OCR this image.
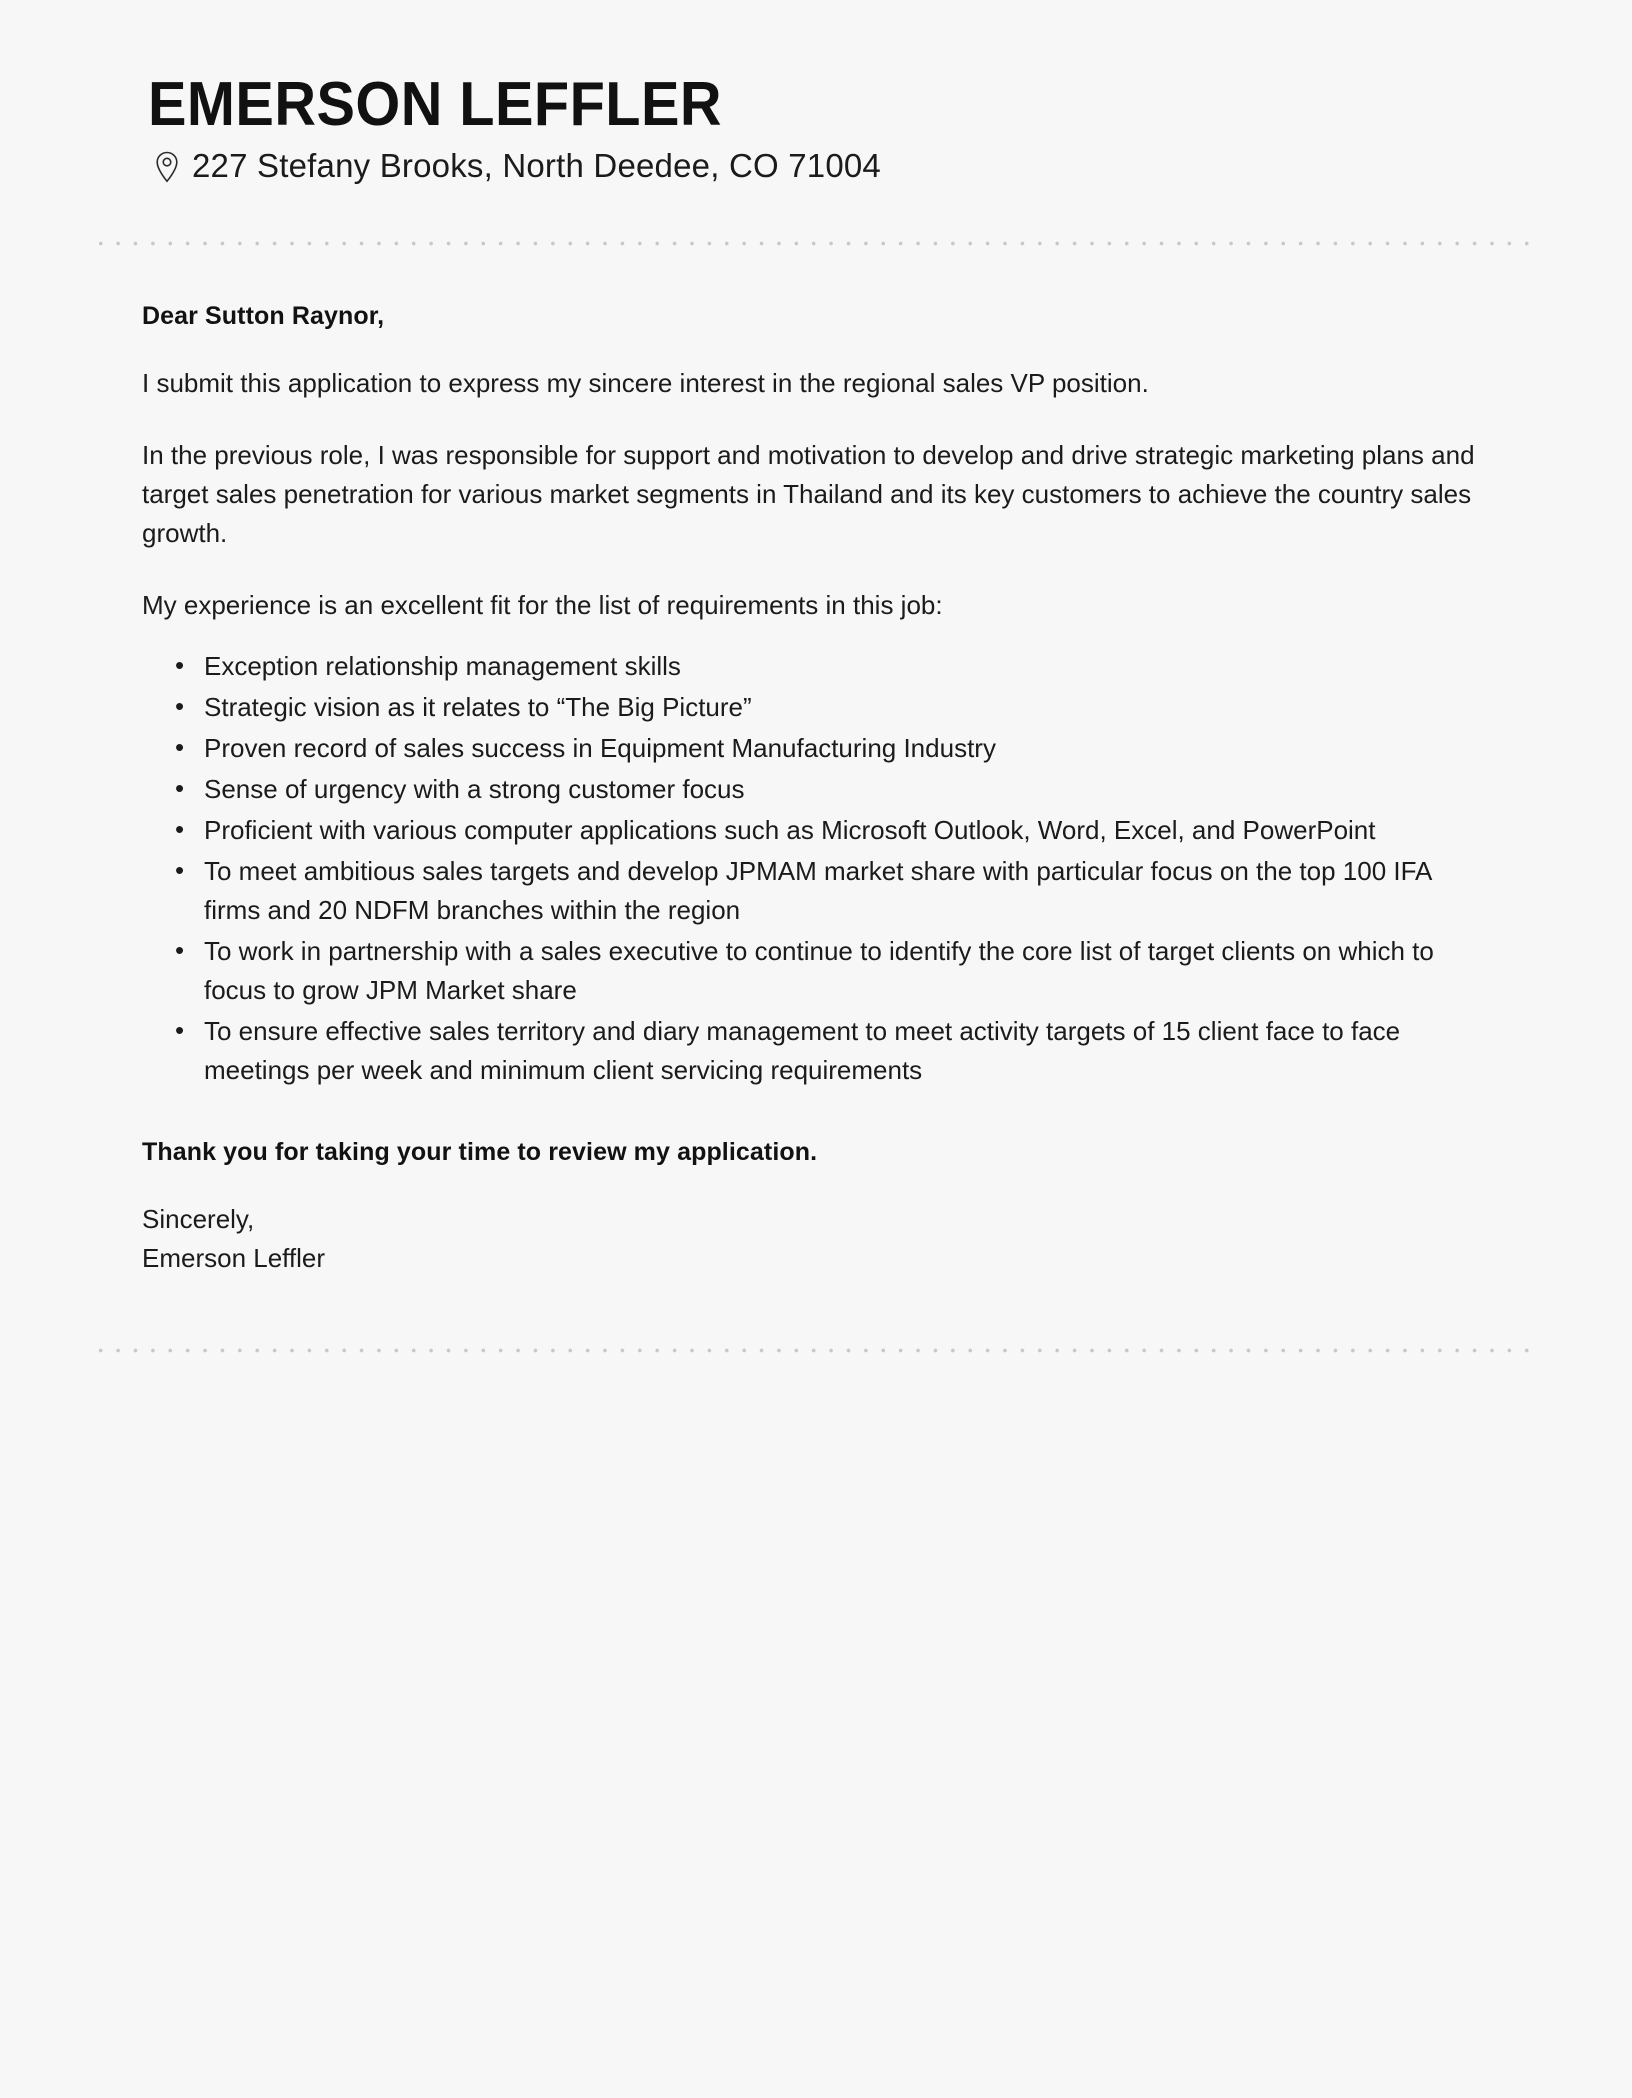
EMERSON LEFFLER
227 Stefany Brooks, North Deedee, CO 71004

Dear Sutton Raynor,

I submit this application to express my sincere interest in the regional sales VP position.

In the previous role, I was responsible for support and motivation to develop and drive strategic marketing plans and target sales penetration for various market segments in Thailand and its key customers to achieve the country sales growth.

My experience is an excellent fit for the list of requirements in this job:

• Exception relationship management skills
• Strategic vision as it relates to “The Big Picture”
• Proven record of sales success in Equipment Manufacturing Industry
• Sense of urgency with a strong customer focus
• Proficient with various computer applications such as Microsoft Outlook, Word, Excel, and PowerPoint
• To meet ambitious sales targets and develop JPMAM market share with particular focus on the top 100 IFA firms and 20 NDFM branches within the region
• To work in partnership with a sales executive to continue to identify the core list of target clients on which to focus to grow JPM Market share
• To ensure effective sales territory and diary management to meet activity targets of 15 client face to face meetings per week and minimum client servicing requirements

Thank you for taking your time to review my application.

Sincerely,
Emerson Leffler
